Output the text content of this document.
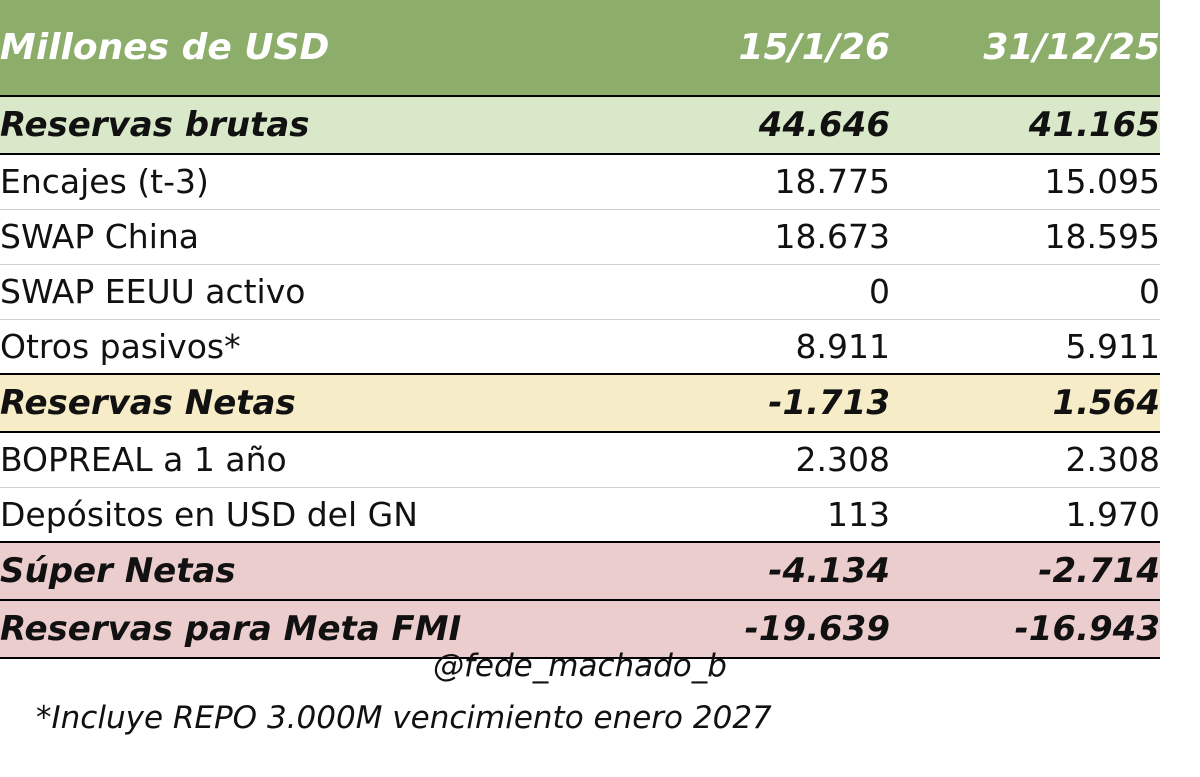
Millones de USD	15/1/26	31/12/25
Reservas brutas	44.646	41.165
Encajes (t-3)	18.775	15.095
SWAP China	18.673	18.595
SWAP EEUU activo	0	0
Otros pasivos*	8.911	5.911
Reservas Netas	-1.713	1.564
BOPREAL a 1 año	2.308	2.308
Depósitos en USD del GN	113	1.970
Súper Netas	-4.134	-2.714
Reservas para Meta FMI	-19.639	-16.943
@fede_machado_b
*Incluye REPO 3.000M vencimiento enero 2027
